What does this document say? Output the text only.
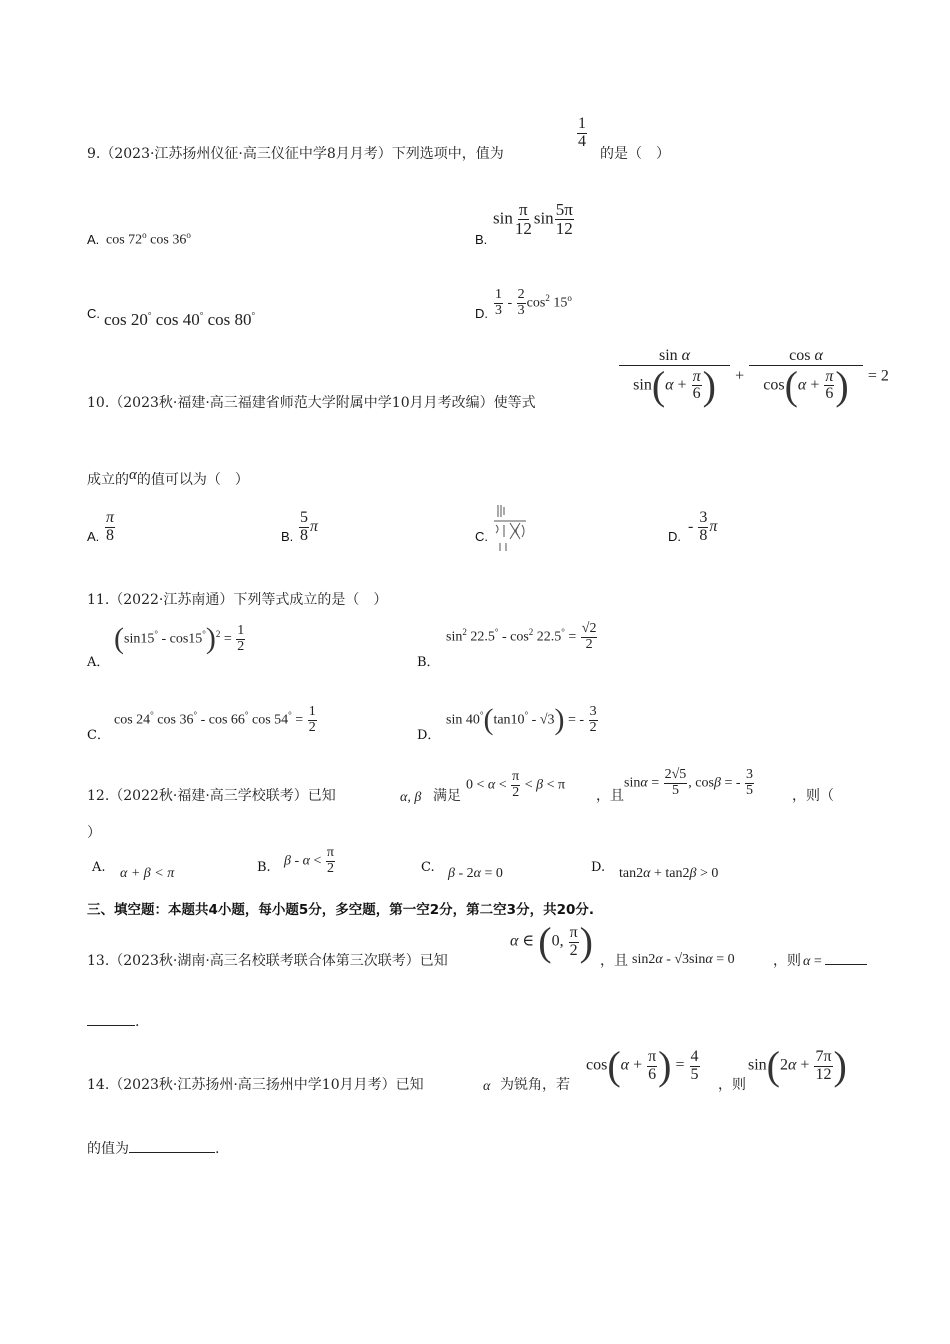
9.（2023·江苏扬州仪征·高三仪征中学8月月考）下列选项中，值为
$\frac{1}{4}$
的是（　）
A. cos 72$^o$ cos 36$^o$	B.
$\sin \frac{\pi}{12}$ $\sin \frac{5\pi}{12}$
C. cos 20° cos 40° cos 80°	D. $\frac{1}{3} - \frac{2}{3} \cos^2 15^o$
10.（2023秋·福建·高三福建省师范大学附属中学10月月考改编）使等式	$\frac{\text{sin α}}{\sin(\alpha + \frac{\pi}{6} )} + \frac{\text{cos α}}{\cos(\alpha + \frac{\pi}{6} )} = 2$
成立的α的值可以为（　）
A. $\frac{\pi}{8}$	B. $\frac{5}{8}$ π
C.	D.
- $\frac{3}{8}$ π
11.（2022·江苏南通）下列等式成立的是（　）
A．
$(\sin 15^\circ - \cos 15^\circ)^2 = \frac{1}{2}$
B．
$\sin^2 22.5^\circ - \cos^2 22.5^\circ = \frac{√2}{2}$
C．
cos 24° cos 36° - cos 66° $\cos 54^\circ = \frac{1}{2}$
D．
sin 40°(tan10° - √3) = - $\frac{3}{2}$
12.（2022秋·福建·高三学校联考）已知	α, β 满足
$0 < \alpha < \frac{\pi}{2} < \beta < \pi$
，且
$\sin\alpha = \frac{2√5}{5}$ , cosβ = - $\frac{3}{5}$	，则（
）
A. α + β < π	B. $\beta - \alpha < \frac{\pi}{2}$	C. β - 2α = 0	D. tan2α + tan2β > 0
三、填空题：本题共4小题，每小题5分，多空题，第一空2分，第二空3分，共20分.
13.（2023秋·湖南·高三名校联考联合体第三次联考）已知
α ∈ (0, $\frac{\pi}{2}$ ) ，且 sin2α - √3sinα = 0	，则 α =
.
14.（2023秋·江苏扬州·高三扬州中学10月月考）已知	α 为锐角，若
$\cos(\alpha + \frac{\pi}{6}$ ) = $\frac{4}{5}$
，则
$\sin(2\alpha + \frac{7\pi}{12}$ )
的值为	.
